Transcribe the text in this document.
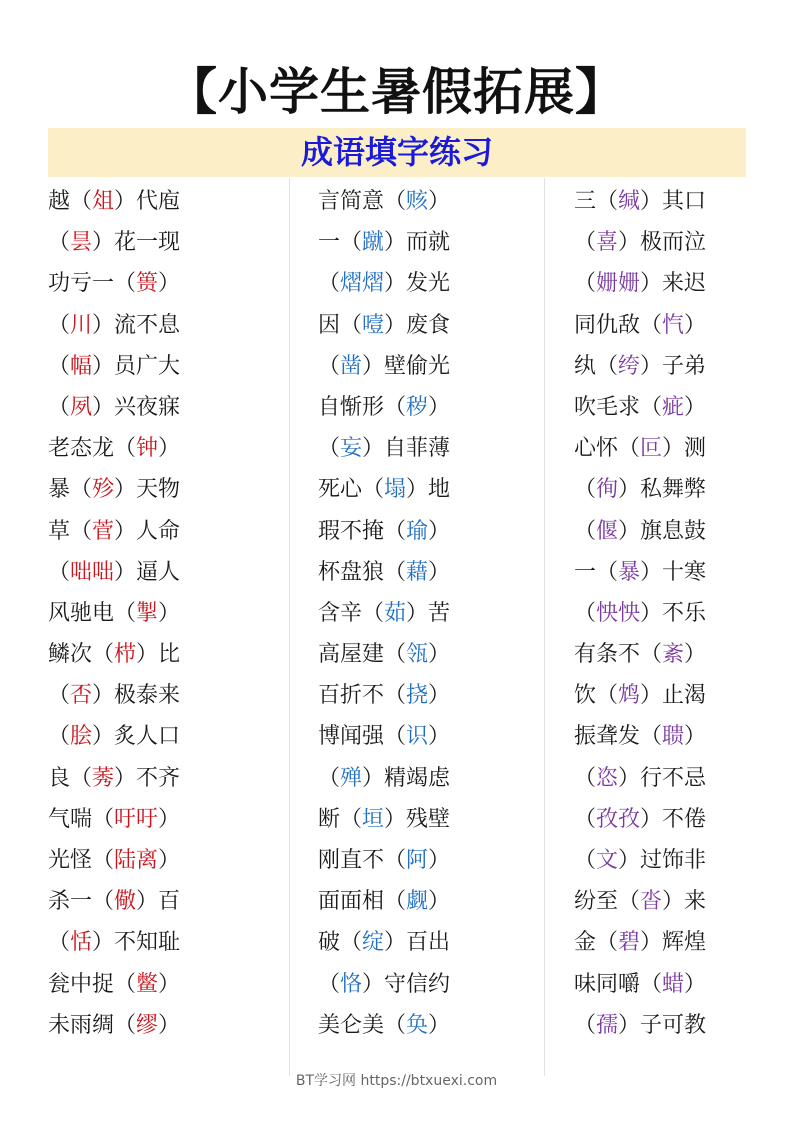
【小学生暑假拓展】
成语填字练习
越（俎）代庖
（昙）花一现
功亏一（篑）
（川）流不息
（幅）员广大
（夙）兴夜寐
老态龙（钟）
暴（殄）天物
草（菅）人命
（咄咄）逼人
风驰电（掣）
鳞次（栉）比
（否）极泰来
（脍）炙人口
良（莠）不齐
气喘（吁吁）
光怪（陆离）
杀一（儆）百
（恬）不知耻
瓮中捉（鳖）
未雨绸（缪）
言简意（赅）
一（蹴）而就
（熠熠）发光
因（噎）废食
（凿）壁偷光
自惭形（秽）
（妄）自菲薄
死心（塌）地
瑕不掩（瑜）
杯盘狼（藉）
含辛（茹）苦
高屋建（瓴）
百折不（挠）
博闻强（识）
（殚）精竭虑
断（垣）残壁
刚直不（阿）
面面相（觑）
破（绽）百出
（恪）守信约
美仑美（奂）
三（缄）其口
（喜）极而泣
（姗姗）来迟
同仇敌（忾）
纨（绔）子弟
吹毛求（疵）
心怀（叵）测
（徇）私舞弊
（偃）旗息鼓
一（暴）十寒
（怏怏）不乐
有条不（紊）
饮（鸩）止渴
振聋发（聩）
（恣）行不忌
（孜孜）不倦
（文）过饰非
纷至（沓）来
金（碧）辉煌
味同嚼（蜡）
（孺）子可教
BT学习网 https://btxuexi.com
